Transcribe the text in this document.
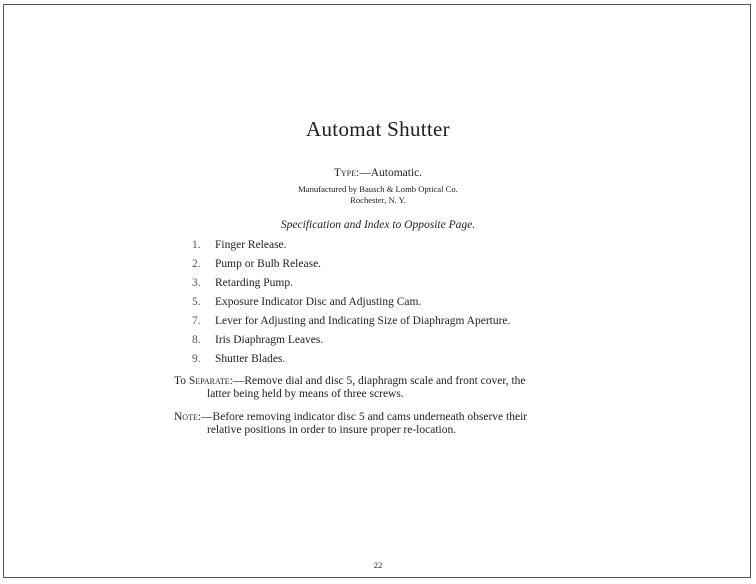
Automat Shutter
Type:—Automatic.
Manufactured by Bausch & Lomb Optical Co.
Rochester, N. Y.
Specification and Index to Opposite Page.
1. Finger Release.
2. Pump or Bulb Release.
3. Retarding Pump.
5. Exposure Indicator Disc and Adjusting Cam.
7. Lever for Adjusting and Indicating Size of Diaphragm Aperture.
8. Iris Diaphragm Leaves.
9. Shutter Blades.
To Separate:—Remove dial and disc 5, diaphragm scale and front cover, the
latter being held by means of three screws.
Note:—Before removing indicator disc 5 and cams underneath observe their
relative positions in order to insure proper re-location.
22
